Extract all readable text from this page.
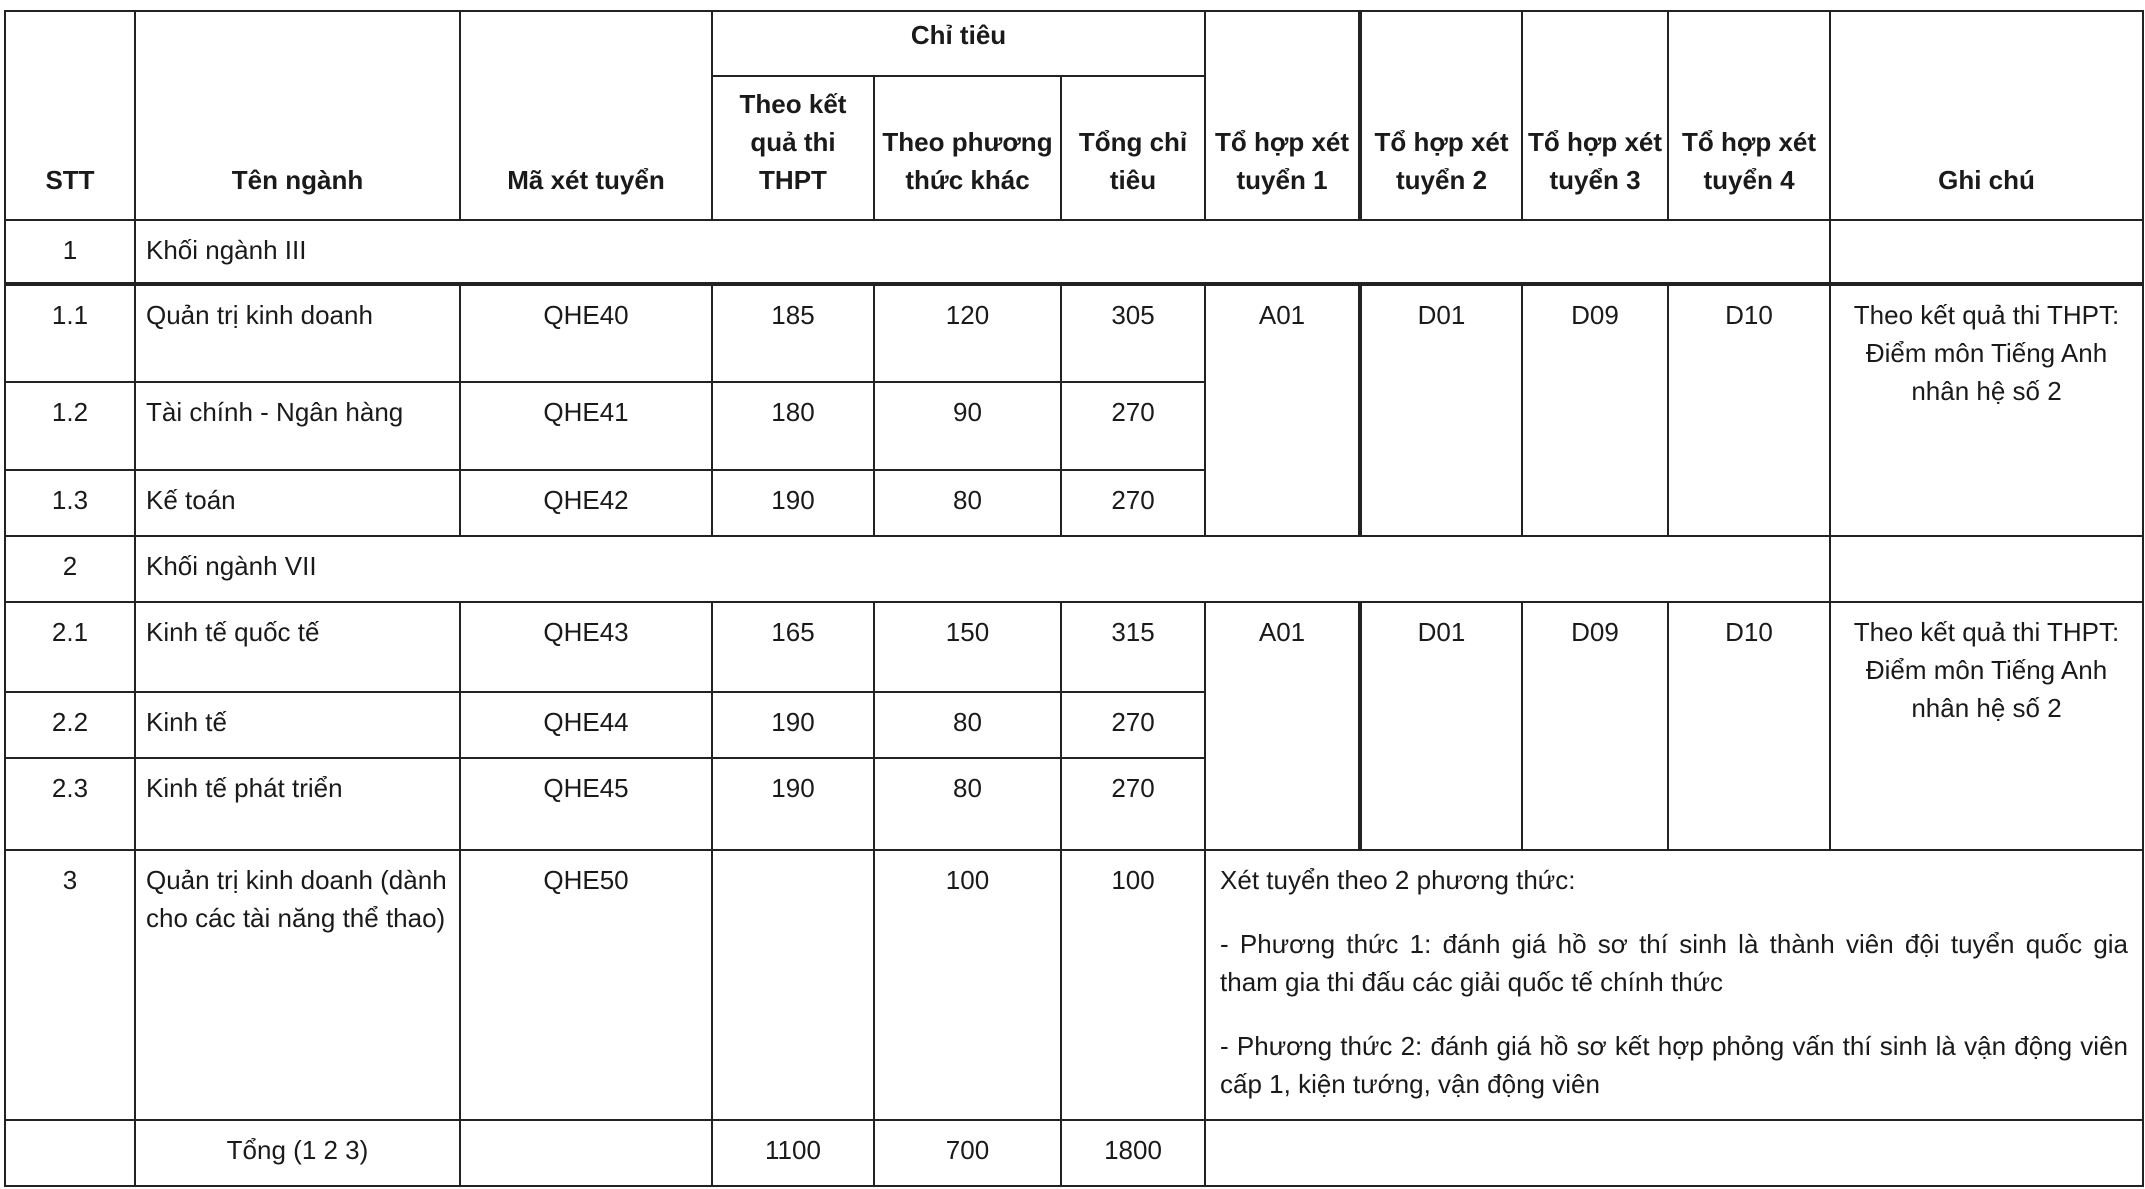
STT	Tên ngành	Mã xét tuyển	Chỉ tiêu			Tổ hợp xét tuyển 1	Tổ hợp xét tuyển 2	Tổ hợp xét tuyển 3	Tổ hợp xét tuyển 4	Ghi chú
			Theo kết quả thi THPT	Theo phương thức khác	Tổng chỉ tiêu					
1	Khối ngành III									
1.1	Quản trị kinh doanh	QHE40	185	120	305	A01	D01	D09	D10	Theo kết quả thi THPT: Điểm môn Tiếng Anh nhân hệ số 2
1.2	Tài chính - Ngân hàng	QHE41	180	90	270					
1.3	Kế toán	QHE42	190	80	270					
2	Khối ngành VII									
2.1	Kinh tế quốc tế	QHE43	165	150	315	A01	D01	D09	D10	Theo kết quả thi THPT: Điểm môn Tiếng Anh nhân hệ số 2
2.2	Kinh tế	QHE44	190	80	270					
2.3	Kinh tế phát triển	QHE45	190	80	270					
3	Quản trị kinh doanh (dành cho các tài năng thể thao)	QHE50		100	100	Xét tuyển theo 2 phương thức:

- Phương thức 1: đánh giá hồ sơ thí sinh là thành viên đội tuyển quốc gia tham gia thi đấu các giải quốc tế chính thức

- Phương thức 2: đánh giá hồ sơ kết hợp phỏng vấn thí sinh là vận động viên cấp 1, kiện tướng, vận động viên				

	Tổng (1 2 3)		1100	700	1800					
